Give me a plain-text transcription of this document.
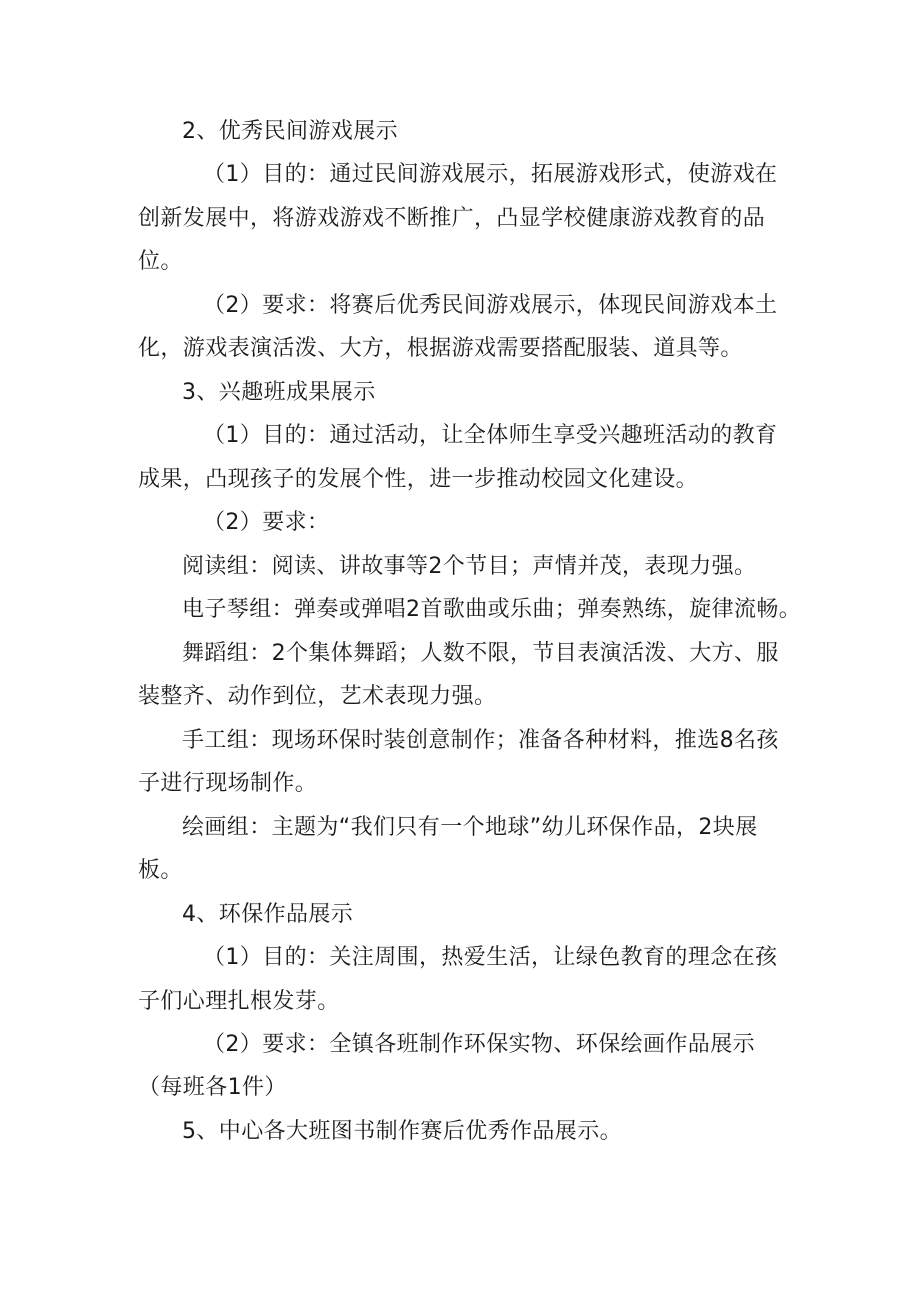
2、优秀民间游戏展示
（1）目的：通过民间游戏展示，拓展游戏形式，使游戏在
创新发展中，将游戏游戏不断推广，凸显学校健康游戏教育的品
位。
（2）要求：将赛后优秀民间游戏展示，体现民间游戏本土
化，游戏表演活泼、大方，根据游戏需要搭配服装、道具等。
3、兴趣班成果展示
（1）目的：通过活动，让全体师生享受兴趣班活动的教育
成果，凸现孩子的发展个性，进一步推动校园文化建设。
（2）要求：
阅读组：阅读、讲故事等2个节目；声情并茂，表现力强。
电子琴组：弹奏或弹唱2首歌曲或乐曲；弹奏熟练，旋律流畅。
舞蹈组：2个集体舞蹈；人数不限，节目表演活泼、大方、服
装整齐、动作到位，艺术表现力强。
手工组：现场环保时装创意制作；准备各种材料，推选8名孩
子进行现场制作。
绘画组：主题为“我们只有一个地球”幼儿环保作品，2块展
板。
4、环保作品展示
（1）目的：关注周围，热爱生活，让绿色教育的理念在孩
子们心理扎根发芽。
（2）要求：全镇各班制作环保实物、环保绘画作品展示
（每班各1件）
5、中心各大班图书制作赛后优秀作品展示。
